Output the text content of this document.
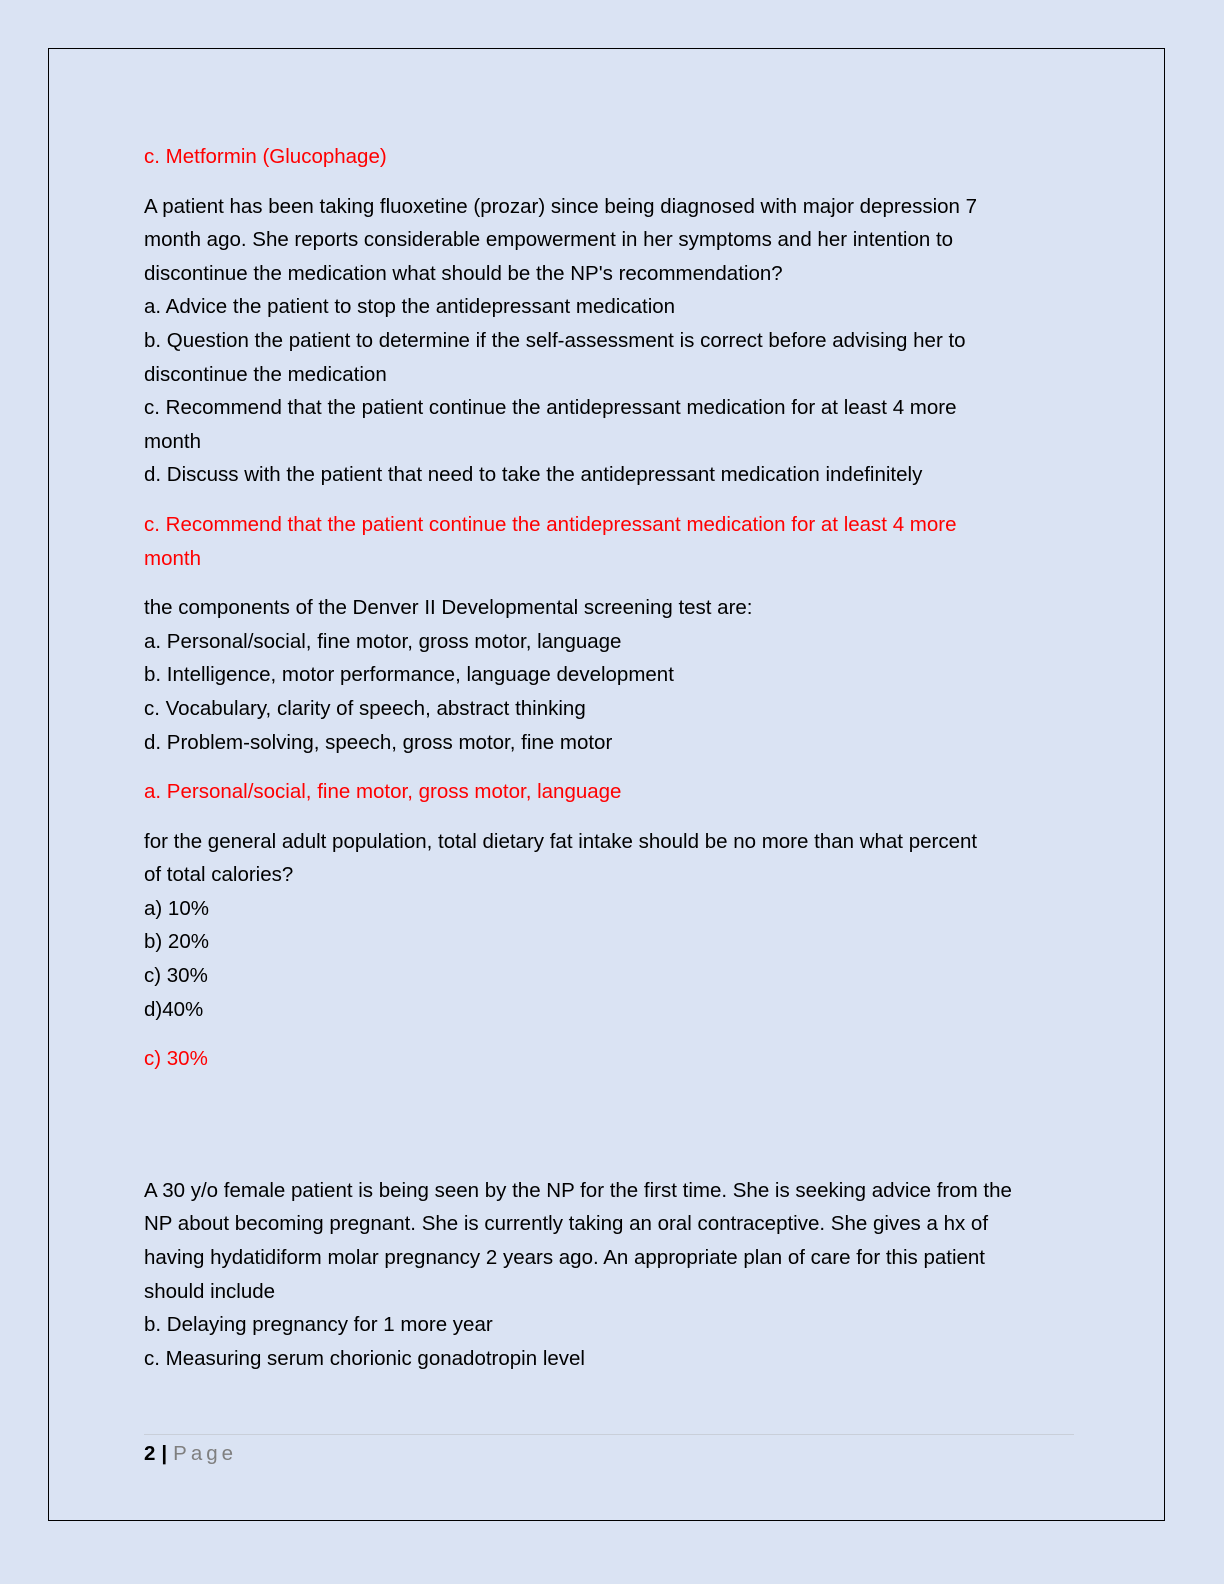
c. Metformin (Glucophage)
A patient has been taking fluoxetine (prozar) since being diagnosed with major depression 7
month ago. She reports considerable empowerment in her symptoms and her intention to
discontinue the medication what should be the NP's recommendation?
a. Advice the patient to stop the antidepressant medication
b. Question the patient to determine if the self-assessment is correct before advising her to
discontinue the medication
c. Recommend that the patient continue the antidepressant medication for at least 4 more
month
d. Discuss with the patient that need to take the antidepressant medication indefinitely
c. Recommend that the patient continue the antidepressant medication for at least 4 more
month
the components of the Denver II Developmental screening test are:
a. Personal/social, fine motor, gross motor, language
b. Intelligence, motor performance, language development
c. Vocabulary, clarity of speech, abstract thinking
d. Problem-solving, speech, gross motor, fine motor
a. Personal/social, fine motor, gross motor, language
for the general adult population, total dietary fat intake should be no more than what percent
of total calories?
a) 10%
b) 20%
c) 30%
d)40%
c) 30%
A 30 y/o female patient is being seen by the NP for the first time. She is seeking advice from the
NP about becoming pregnant. She is currently taking an oral contraceptive. She gives a hx of
having hydatidiform molar pregnancy 2 years ago. An appropriate plan of care for this patient
should include
b. Delaying pregnancy for 1 more year
c. Measuring serum chorionic gonadotropin level
2 | Page
